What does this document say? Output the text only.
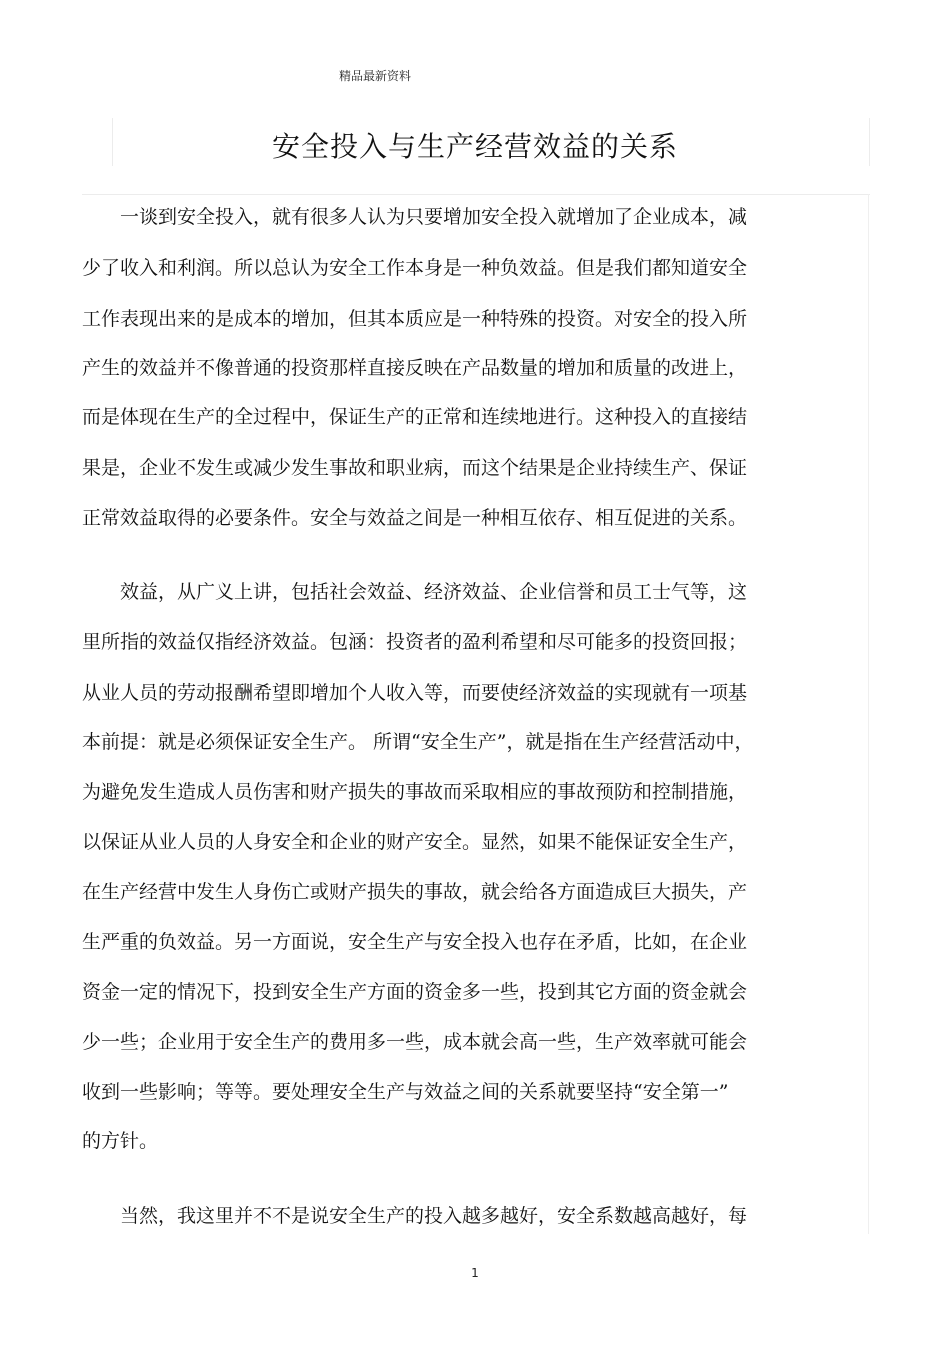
精品最新资料
安全投入与生产经营效益的关系
一谈到安全投入，就有很多人认为只要增加安全投入就增加了企业成本，减
少了收入和利润。所以总认为安全工作本身是一种负效益。但是我们都知道安全
工作表现出来的是成本的增加，但其本质应是一种特殊的投资。对安全的投入所
产生的效益并不像普通的投资那样直接反映在产品数量的增加和质量的改进上，
而是体现在生产的全过程中，保证生产的正常和连续地进行。这种投入的直接结
果是，企业不发生或减少发生事故和职业病，而这个结果是企业持续生产、保证
正常效益取得的必要条件。安全与效益之间是一种相互依存、相互促进的关系。
效益，从广义上讲，包括社会效益、经济效益、企业信誉和员工士气等，这
里所指的效益仅指经济效益。包涵：投资者的盈利希望和尽可能多的投资回报；
从业人员的劳动报酬希望即增加个人收入等，而要使经济效益的实现就有一项基
本前提：就是必须保证安全生产。 所谓“安全生产”，就是指在生产经营活动中，
为避免发生造成人员伤害和财产损失的事故而采取相应的事故预防和控制措施，
以保证从业人员的人身安全和企业的财产安全。显然，如果不能保证安全生产，
在生产经营中发生人身伤亡或财产损失的事故，就会给各方面造成巨大损失，产
生严重的负效益。另一方面说，安全生产与安全投入也存在矛盾，比如，在企业
资金一定的情况下，投到安全生产方面的资金多一些，投到其它方面的资金就会
少一些；企业用于安全生产的费用多一些，成本就会高一些，生产效率就可能会
收到一些影响；等等。要处理安全生产与效益之间的关系就要坚持“安全第一”
的方针。
当然，我这里并不不是说安全生产的投入越多越好，安全系数越高越好，每
1
